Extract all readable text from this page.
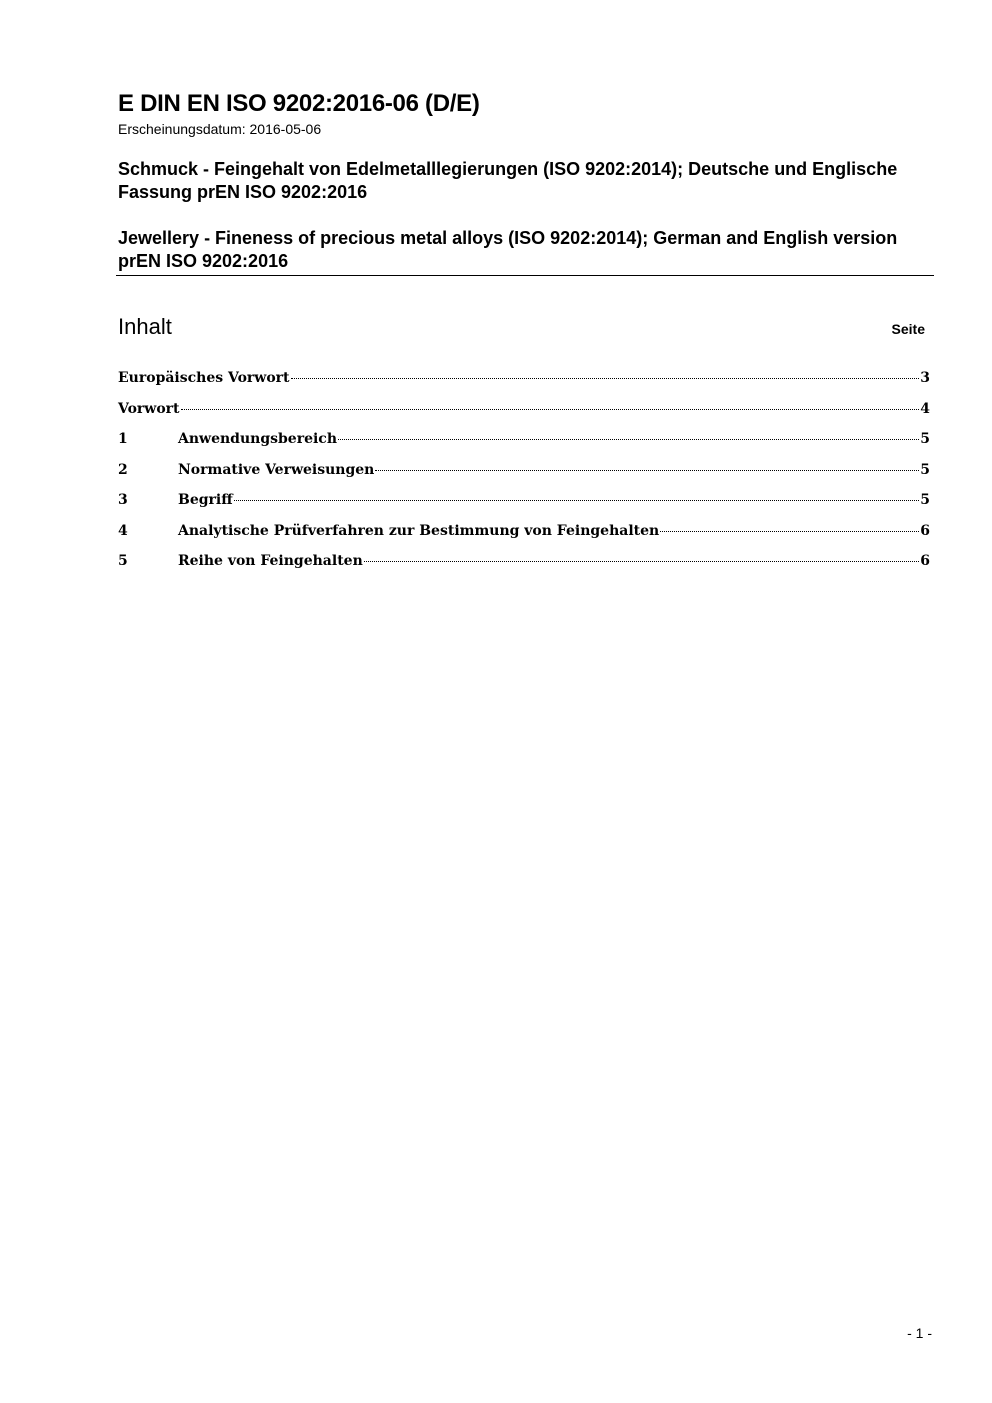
E DIN EN ISO 9202:2016-06 (D/E)
Erscheinungsdatum: 2016-05-06
Schmuck - Feingehalt von Edelmetalllegierungen (ISO 9202:2014); Deutsche und Englische Fassung prEN ISO 9202:2016
Jewellery - Fineness of precious metal alloys (ISO 9202:2014); German and English version prEN ISO 9202:2016
Inhalt	Seite
Europäisches Vorwort	3
Vorwort	4
1	Anwendungsbereich	5
2	Normative Verweisungen	5
3	Begriff	5
4	Analytische Prüfverfahren zur Bestimmung von Feingehalten	6
5	Reihe von Feingehalten	6
- 1 -
